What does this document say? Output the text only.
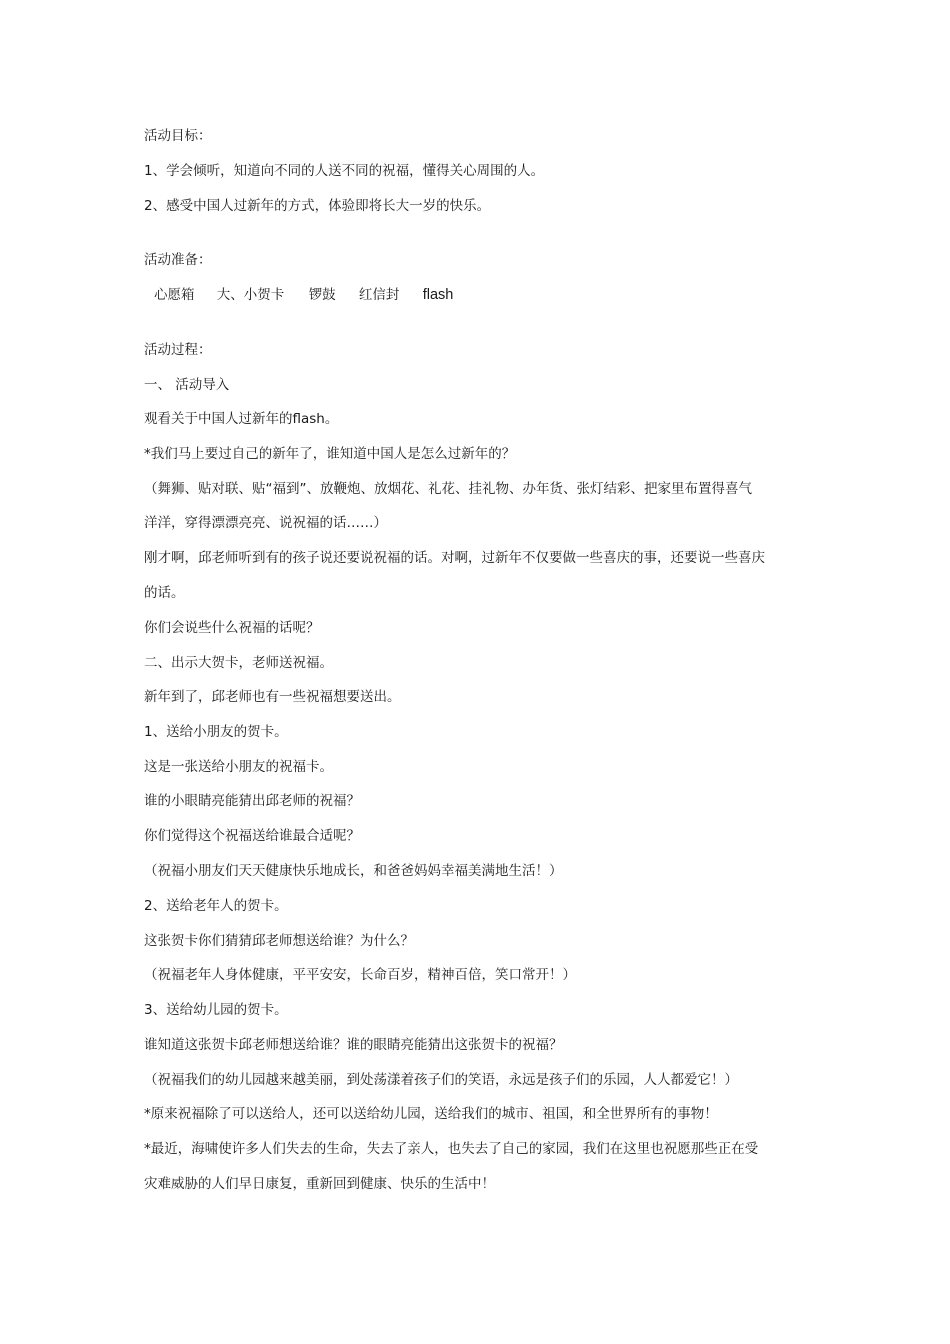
活动目标：
1、学会倾听，知道向不同的人送不同的祝福，懂得关心周围的人。
2、感受中国人过新年的方式，体验即将长大一岁的快乐。
活动准备：
心愿箱 大、小贺卡 锣鼓 红信封 flash
活动过程：
一、 活动导入
观看关于中国人过新年的flash。
*我们马上要过自己的新年了，谁知道中国人是怎么过新年的？
（舞狮、贴对联、贴“福到”、放鞭炮、放烟花、礼花、挂礼物、办年货、张灯结彩、把家里布置得喜气
洋洋，穿得漂漂亮亮、说祝福的话……）
刚才啊，邱老师听到有的孩子说还要说祝福的话。对啊，过新年不仅要做一些喜庆的事，还要说一些喜庆
的话。
你们会说些什么祝福的话呢？
二、出示大贺卡，老师送祝福。
新年到了，邱老师也有一些祝福想要送出。
1、送给小朋友的贺卡。
这是一张送给小朋友的祝福卡。
谁的小眼睛亮能猜出邱老师的祝福？
你们觉得这个祝福送给谁最合适呢？
（祝福小朋友们天天健康快乐地成长，和爸爸妈妈幸福美满地生活！）
2、送给老年人的贺卡。
这张贺卡你们猜猜邱老师想送给谁？为什么？
（祝福老年人身体健康，平平安安，长命百岁，精神百倍，笑口常开！）
3、送给幼儿园的贺卡。
谁知道这张贺卡邱老师想送给谁？谁的眼睛亮能猜出这张贺卡的祝福？
（祝福我们的幼儿园越来越美丽，到处荡漾着孩子们的笑语，永远是孩子们的乐园，人人都爱它！）
*原来祝福除了可以送给人，还可以送给幼儿园，送给我们的城市、祖国，和全世界所有的事物！
*最近，海啸使许多人们失去的生命，失去了亲人，也失去了自己的家园，我们在这里也祝愿那些正在受
灾难威胁的人们早日康复，重新回到健康、快乐的生活中！
